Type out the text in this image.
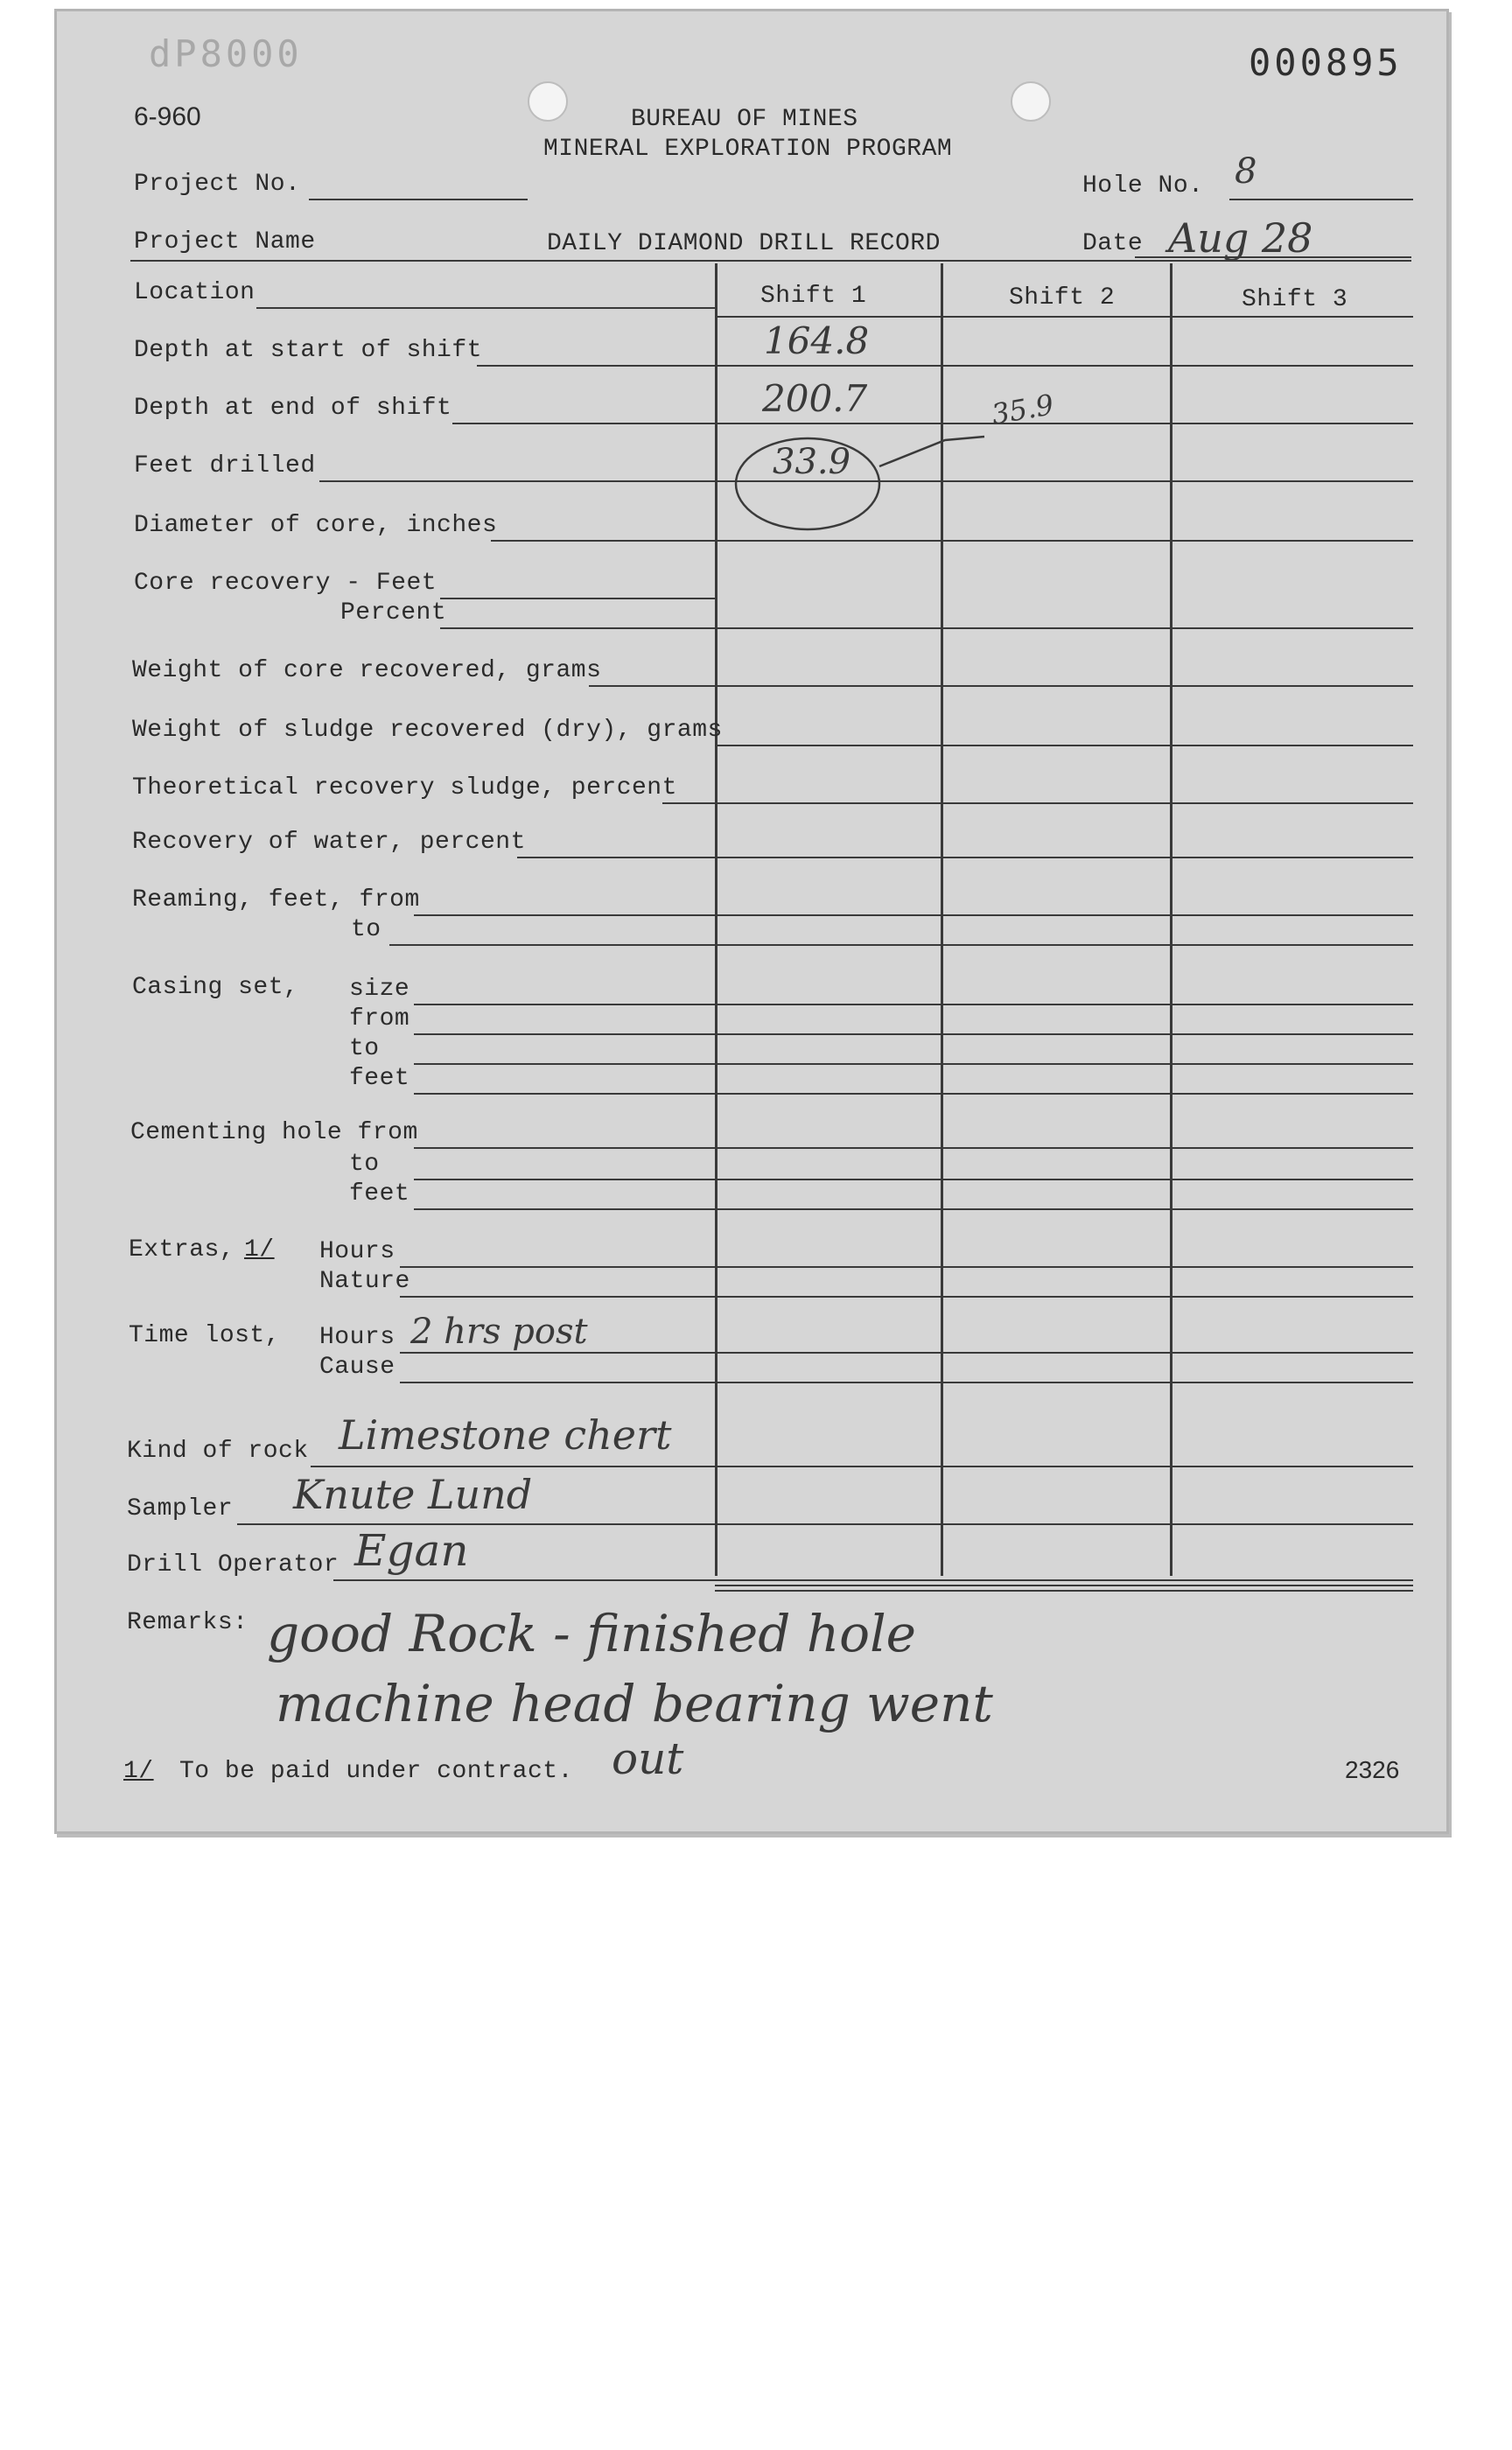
dP8000	000895
6-960	BUREAU OF MINES
MINERAL EXPLORATION PROGRAM
Project No.	Hole No. 8
Project Name	DAILY DIAMOND DRILL RECORD	Date Aug 28
Shift 1	Shift 2	Shift 3
Location
Depth at start of shift	164.8
Depth at end of shift	200.7	35.9
Feet drilled	33.9
Diameter of core, inches
Core recovery - Feet
Percent
Weight of core recovered, grams
Weight of sludge recovered (dry), grams
Theoretical recovery sludge, percent
Recovery of water, percent
Reaming, feet, from
to
Casing set, size
from
to
feet
Cementing hole from
to
feet
Extras, 1/ Hours
Nature
Time lost, Hours 2 hrs post
Cause
Kind of rock Limestone chert
Sampler Knute Lund
Drill Operator Egan
Remarks: good Rock - finished hole
machine head bearing went
out
1/ To be paid under contract.	2326
